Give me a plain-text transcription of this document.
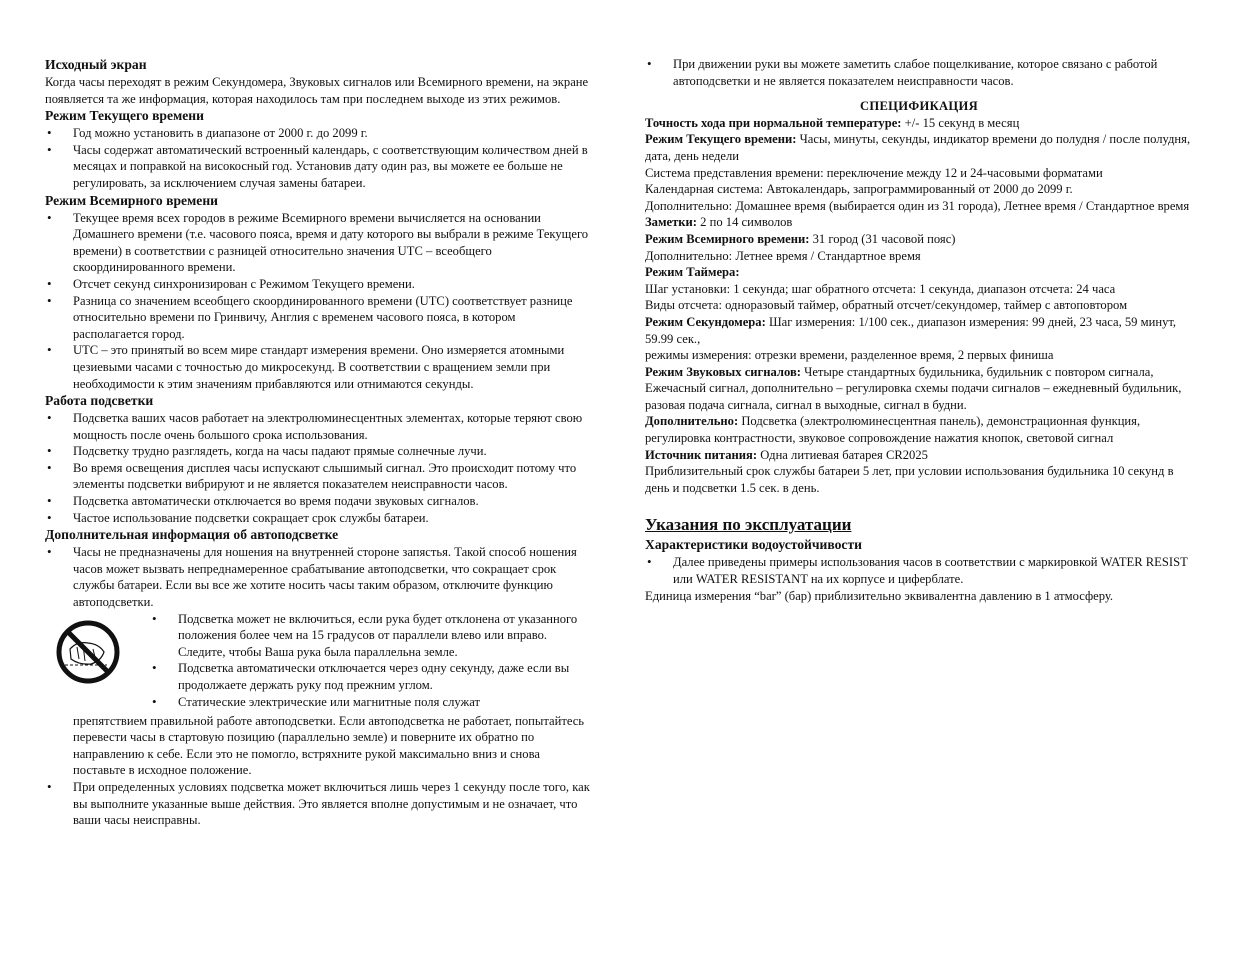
Исходный экран

Когда часы переходят в режим Секундомера, Звуковых сигналов или Всемирного времени, на экране появляется та же информация, которая находилось там при последнем выходе из этих режимов.

Режим Текущего времени
• Год можно установить в диапазоне от 2000 г. до 2099 г.
• Часы содержат автоматический встроенный календарь, с соответствующим количеством дней в месяцах и поправкой на високосный год. Установив дату один раз, вы можете ее больше не регулировать, за исключением случая замены батареи.
Режим Всемирного времени
• Текущее время всех городов в режиме Всемирного времени вычисляется на основании Домашнего времени (т.е. часового пояса, время и дату которого вы выбрали в режиме Текущего времени) в соответствии с разницей относительно значения UTC – всеобщего скоординированного времени.
• Отсчет секунд синхронизирован с Режимом Текущего времени.
• Разница со значением всеобщего скоординированного времени (UTC) соответствует разнице относительно времени по Гринвичу, Англия с временем часового пояса, в котором располагается город.
• UTC – это принятый во всем мире стандарт измерения времени. Оно измеряется атомными цезиевыми часами с точностью до микросекунд. В соответствии с вращением земли при необходимости к этим значениям прибавляются или отнимаются секунды.
Работа подсветки
• Подсветка ваших часов работает на электролюминесцентных элементах, которые теряют свою мощность после очень большого срока использования.
• Подсветку трудно разглядеть, когда на часы падают прямые солнечные лучи.
• Во время освещения дисплея часы испускают слышимый сигнал. Это происходит потому что элементы подсветки вибрируют и не является показателем неисправности часов.
• Подсветка автоматически отключается во время подачи звуковых сигналов.
• Частое использование подсветки сокращает срок службы батареи.
Дополнительная информация об автоподсветке
• Часы не предназначены для ношения на внутренней стороне запястья. Такой способ ношения часов может вызвать непреднамеренное срабатывание автоподсветки, что сокращает срок службы батареи. Если вы все же хотите носить часы таким образом, отключите функцию автоподсветки.
• Подсветка может не включиться, если рука будет отклонена от указанного положения более чем на 15 градусов от параллели влево или вправо. Следите, чтобы Ваша рука была параллельна земле.
• Подсветка автоматически отключается через одну секунду, даже если вы продолжаете держать руку под прежним углом.
• Статические электрические или магнитные поля служат

препятствием правильной работе автоподсветки. Если автоподсветка не работает, попытайтесь перевести часы в стартовую позицию (параллельно земле) и поверните их обратно по направлению к себе. Если это не помогло, встряхните рукой максимально вниз и снова поставьте в исходное положение.

• При определенных условиях подсветка может включиться лишь через 1 секунду после того, как вы выполните указанные выше действия. Это является вполне допустимым и не означает, что ваши часы неисправны.
• При движении руки вы можете заметить слабое пощелкивание, которое связано с работой автоподсветки и не является показателем неисправности часов.

СПЕЦИФИКАЦИЯ

Точность хода при нормальной температуре: +/- 15 секунд в месяц

Режим Текущего времени: Часы, минуты, секунды, индикатор времени до полудня / после полудня, дата, день недели

Система представления времени: переключение между 12 и 24-часовыми форматами

Календарная система: Автокалендарь, запрограммированный от 2000 до 2099 г.

Дополнительно: Домашнее время (выбирается один из 31 города), Летнее время / Стандартное время

Заметки: 2 по 14 символов

Режим Всемирного времени: 31 город (31 часовой пояс)

Дополнительно: Летнее время / Стандартное время

Режим Таймера:

Шаг установки: 1 секунда; шаг обратного отсчета: 1 секунда, диапазон отсчета: 24 часа

Виды отсчета: одноразовый таймер, обратный отсчет/секундомер, таймер с автоповтором

Режим Секундомера: Шаг измерения: 1/100 сек., диапазон измерения: 99 дней, 23 часа, 59 минут, 59.99 сек.,

режимы измерения: отрезки времени, разделенное время, 2 первых финиша

Режим Звуковых сигналов: Четыре стандартных будильника, будильник с повтором сигнала, Ежечасный сигнал, дополнительно – регулировка схемы подачи сигналов – ежедневный будильник, разовая подача сигнала, сигнал в выходные, сигнал в будни.

Дополнительно: Подсветка (электролюминесцентная панель), демонстрационная функция, регулировка контрастности, звуковое сопровождение нажатия кнопок, световой сигнал

Источник питания: Одна литиевая батарея CR2025

Приблизительный срок службы батареи 5 лет, при условии использования будильника 10 секунд в день и подсветки 1.5 сек. в день.

Указания по эксплуатации

Характеристики водоустойчивости
• Далее приведены примеры использования часов в соответствии с маркировкой WATER RESIST или WATER RESISTANT на их корпусе и циферблате.

Единица измерения “bar” (бар) приблизительно эквивалентна давлению в 1 атмосферу.
